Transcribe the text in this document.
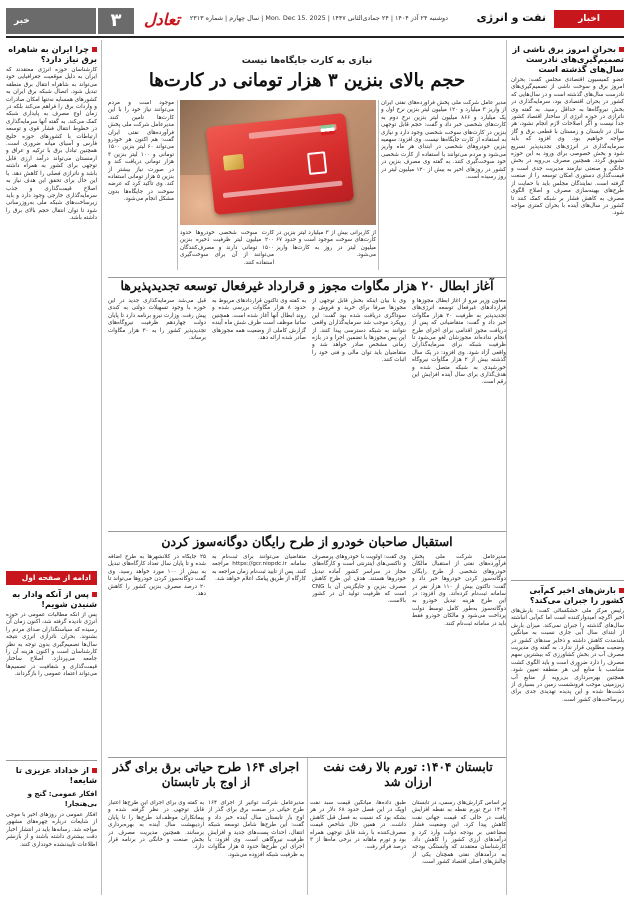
اخبار
نفت و انرژی
دوشنبه ۲۴ آذر ۱۴۰۴ | ۲۴ جمادی‌الثانی ۱۴۴۷ | Mon. Dec 15. 2025 | سال چهارم | شماره ۲۳۱۳
تعادل
۳
خبر
بحران امروز برق ناشی از تصمیم‌گیری‌های نادرست سال‌های گذشته است
عضو کمیسیون اقتصادی مجلس گفت: بحران امروز برق و سوخت ناشی از تصمیم‌گیری‌های نادرست سال‌های گذشته است و در سال‌هایی که کشور در بحران اقتصادی بود، سرمایه‌گذاری در بخش نیروگاه‌ها به حداقل رسید. به گفته وی ناترازی در حوزه انرژی از ساختار اقتصاد کشور جدا نیست و اگر اصلاحات لازم انجام نشود، هر سال در تابستان و زمستان با قطعی برق و گاز مواجه خواهیم بود. وی افزود که باید سرمایه‌گذاری در انرژی‌های تجدیدپذیر تسریع شود و بخش خصوصی برای ورود به این حوزه تشویق گردد. همچنین مصرف بی‌رویه در بخش خانگی و صنعتی نیازمند مدیریت جدی است و قیمت‌گذاری دستوری امکان توسعه را از صنعت گرفته است. نمایندگان مجلس باید با حمایت از طرح‌های بهینه‌سازی مصرف و اصلاح الگوی مصرف به کاهش فشار بر شبکه کمک کنند تا کشور در سال‌های آینده با بحران کمتری مواجه شود.
بارش‌های اخیر کم‌آبی کشور را جبران می‌کند؟
رئیس مرکز ملی خشکسالی گفت: بارش‌های اخیر اگرچه امیدوارکننده است اما کم‌آبی انباشته سال‌های گذشته را جبران نمی‌کند. میزان بارش از ابتدای سال آبی جاری نسبت به میانگین بلندمدت کاهش داشته و ذخایر سدهای کشور در وضعیت مطلوبی قرار ندارد. به گفته وی مدیریت مصرف آب در بخش کشاورزی که بیشترین سهم مصرف را دارد ضروری است و باید الگوی کشت متناسب با منابع آبی هر منطقه تعیین شود. همچنین بهره‌برداری بی‌رویه از منابع آب زیرزمینی موجب فرونشست زمین در بسیاری از دشت‌ها شده و این پدیده تهدیدی جدی برای زیرساخت‌های کشور است.
چرا ایران به شاهراه برق نیاز دارد؟
کارشناسان حوزه انرژی معتقدند که ایران به دلیل موقعیت جغرافیایی خود می‌تواند به شاهراه انتقال برق منطقه تبدیل شود. اتصال شبکه برق ایران به کشورهای همسایه نه‌تنها امکان صادرات و واردات برق را فراهم می‌کند بلکه در زمان اوج مصرف به پایداری شبکه کمک می‌کند. به گفته آنها سرمایه‌گذاری در خطوط انتقال فشار قوی و توسعه ارتباطات با کشورهای حوزه خلیج فارس و آسیای میانه ضروری است. همچنین تبادل برق با ترکیه و عراق و ارمنستان می‌تواند درآمد ارزی قابل توجهی برای کشور به همراه داشته باشد و ناترازی فصلی را کاهش دهد. با این حال برای تحقق این هدف نیاز به اصلاح قیمت‌گذاری و جذب سرمایه‌گذاری خارجی وجود دارد و باید زیرساخت‌های شبکه ملی به‌روزرسانی شود تا توان انتقال حجم بالای برق را داشته باشد.
ادامه از صفحه اول
پس از آنکه وادار به شنیدن شویم!
پس از آنکه مطالبات عمومی در حوزه انرژی نادیده گرفته شد، اکنون زمان آن رسیده که سیاستگذاران صدای مردم را بشنوند. بحران ناترازی انرژی نتیجه سال‌ها تصمیم‌گیری بدون توجه به نظر کارشناسان است و اکنون هزینه آن را جامعه می‌پردازد. اصلاح ساختار قیمت‌گذاری و شفافیت در تصمیم‌ها می‌تواند اعتماد عمومی را بازگرداند.
از خداداد عزیزی تا شایعه!
افکار عمومی: گنج و بی‌هنجار!
افکار عمومی در روزهای اخیر با موجی از شایعات درباره چهره‌های مشهور مواجه شد. رسانه‌ها باید در انتشار اخبار دقت بیشتری داشته باشند و از بازنشر اطلاعات تاییدنشده خودداری کنند.
نیازی به کارت جایگاه‌ها نیست
حجم بالای بنزین ۳ هزار تومانی در کارت‌ها
مدیر عامل شرکت ملی پخش فرآورده‌های نفتی ایران از واریز ۳ میلیارد و ۱۲۰ میلیون لیتر بنزین نرخ اول و یک میلیارد و ۸۶۶ میلیون لیتر بنزین نرخ دوم به کارت‌های شخصی خبر داد و گفت: حجم قابل توجهی بنزین در کارت‌های سوخت شخصی وجود دارد و نیازی به استفاده از کارت جایگاه‌ها نیست. وی افزود: سهمیه بنزین خودروهای شخصی در ابتدای هر ماه واریز می‌شود و مردم می‌توانند با استفاده از کارت شخصی خود سوخت‌گیری کنند. به گفته وی مصرف بنزین در کشور در روزهای اخیر به بیش از ۱۲۰ میلیون لیتر در روز رسیده است.
از کاربرانی بیش از ۳ میلیارد لیتر بنزین در کارت‌های سوخت موجود است و حدود ۶۷ میلیون لیتر در روز به کارت‌ها واریز می‌شود.
کارت سوخت شخصی خودروها حدود ۲۰۰ میلیون لیتر ظرفیت ذخیره بنزین ۱۵۰۰ تومانی دارند و مصرف‌کنندگان می‌توانند از آن برای سوخت‌گیری استفاده کنند.
موجود است و مردم می‌توانند نیاز خود را با این کارت‌ها تامین کنند. مدیرعامل شرکت ملی پخش فرآورده‌های نفتی ایران گفت: هم اکنون هر خودرو می‌تواند ۶۰ لیتر بنزین ۱۵۰۰ تومانی و ۱۰۰ لیتر بنزین ۳ هزار تومانی دریافت کند و در صورت نیاز بیشتر از بنزین ۵ هزار تومانی استفاده کند. وی تاکید کرد که عرضه سوخت در جایگاه‌ها بدون مشکل انجام می‌شود.
آغاز ابطال ۲۰ هزار مگاوات مجوز و قرارداد غیرفعال توسعه تجدیدپذیرها
معاون وزیر نیرو از آغاز ابطال مجوزها و قراردادهای غیرفعال توسعه انرژی‌های تجدیدپذیر به ظرفیت ۲۰ هزار مگاوات خبر داد و گفت: متقاضیانی که پس از دریافت مجوز اقدامی برای اجرای طرح انجام نداده‌اند مجوزشان لغو می‌شود تا ظرفیت شبکه برای سرمایه‌گذاران واقعی آزاد شود. وی افزود: در یک سال گذشته بیش از ۲ هزار مگاوات نیروگاه خورشیدی به شبکه متصل شده و هدف‌گذاری برای سال آینده افزایش این رقم است.
وی با بیان اینکه بخش قابل توجهی از مجوزها صرفا برای خرید و فروش و سوداگری دریافت شده بود گفت: این رویکرد موجب شد سرمایه‌گذاران واقعی نتوانند به شبکه دسترسی پیدا کنند. از این پس مجوزها با تضمین اجرا و در بازه زمانی مشخص صادر خواهد شد و متقاضیان باید توان مالی و فنی خود را اثبات کنند.
به گفته وی تاکنون قراردادهای مربوط به حدود ۸ هزار مگاوات بررسی شده و روند ابطال آنها آغاز شده است. همچنین ساتبا موظف است ظرف شش ماه آینده گزارش کاملی از وضعیت همه مجوزهای صادر شده ارائه دهد.
قبل می‌شد سرمایه‌گذاری جدید در این حوزه با وجود تسهیلات دولتی به کندی پیش رفت. وزارت نیرو برنامه دارد تا پایان دولت چهاردهم ظرفیت نیروگاه‌های تجدیدپذیر کشور را به ۳۰ هزار مگاوات برساند.
استقبال صاحبان خودرو از طرح رایگان دوگانه‌سوز کردن
مدیرعامل شرکت ملی پخش فرآورده‌های نفتی از استقبال مالکان خودروهای شخصی از طرح رایگان دوگانه‌سوز کردن خودروها خبر داد و گفت: تاکنون بیش از ۱۱۰ هزار نفر در سامانه ثبت‌نام کرده‌اند. وی افزود: در این طرح هزینه تبدیل خودرو به دوگانه‌سوز به‌طور کامل توسط دولت پرداخت می‌شود و مالکان خودرو فقط باید در سامانه ثبت‌نام کنند.
وی گفت: اولویت با خودروهای پرمصرف و تاکسی‌های اینترنتی است و کارگاه‌های مجاز در سراسر کشور آماده تبدیل خودروها هستند. هدف این طرح کاهش مصرف بنزین و جایگزینی آن با CNG است که ظرفیت تولید آن در کشور بالاست.
متقاضیان می‌توانند برای ثبت‌نام به سامانه https://gcr.niopdc.ir مراجعه کنند. پس از تایید ثبت‌نام زمان مراجعه به کارگاه از طریق پیامک اعلام خواهد شد.
۲۵ جایگاه در کلانشهرها به طرح اضافه شده و تا پایان سال تعداد کارگاه‌های تبدیل به بیش از ۱۰۰ مورد خواهد رسید. وی گفت دوگانه‌سوز کردن خودروها می‌تواند تا ۲۰ درصد مصرف بنزین کشور را کاهش دهد.
تابستان ۱۴۰۴: تورم بالا رفت نفت ارزان شد
بر اساس گزارش‌های رسمی، در تابستان ۱۴۰۴ نرخ تورم نقطه به نقطه افزایش یافت در حالی که قیمت جهانی نفت کاهش پیدا کرد. این وضعیت فشار مضاعفی بر بودجه دولت وارد کرد و درآمدهای ارزی کشور را کاهش داد. کارشناسان معتقدند که وابستگی بودجه به درآمدهای نفتی همچنان یکی از چالش‌های اصلی اقتصاد کشور است.
طبق داده‌ها، میانگین قیمت سبد نفت اوپک در این فصل حدود ۶۸ دلار در هر بشکه بود که نسبت به فصل قبل کاهش داشت. در همین حال شاخص قیمت مصرف‌کننده با رشد قابل توجهی همراه بود و تورم ماهانه در برخی ماه‌ها از ۳ درصد فراتر رفت.
اجرای ۱۶۴ طرح حیاتی برق برای گذر از اوج بار تابستان
مدیرعامل شرکت توانیر از اجرای ۱۶۴ طرح حیاتی در صنعت برق برای گذر از اوج بار تابستان سال آینده خبر داد و گفت: این طرح‌ها شامل توسعه شبکه انتقال، احداث پست‌های جدید و افزایش ظرفیت نیروگاهی است. وی افزود: با اجرای این طرح‌ها حدود ۵ هزار مگاوات به ظرفیت شبکه افزوده می‌شود.
به گفته وی برای اجرای این طرح‌ها اعتبار قابل توجهی در نظر گرفته شده و پیمانکاران موظف‌اند طرح‌ها را تا پایان اردیبهشت سال آینده به بهره‌برداری برسانند. همچنین مدیریت مصرف در بخش صنعت و خانگی در برنامه قرار دارد.
